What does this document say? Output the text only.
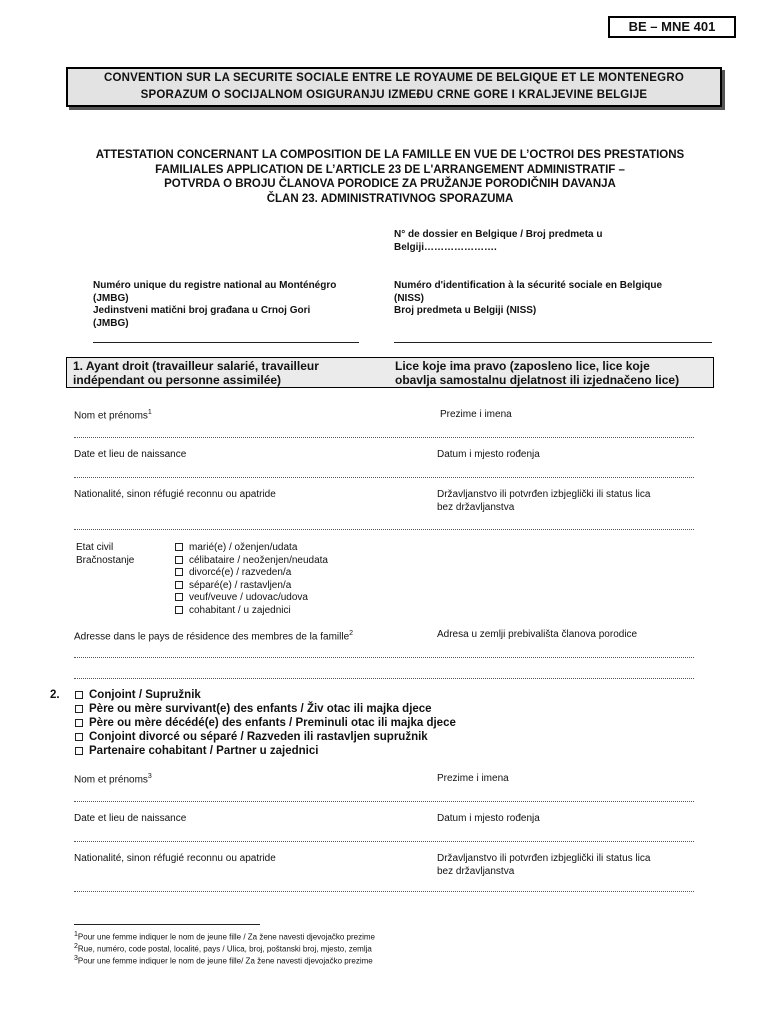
BE – MNE 401
CONVENTION SUR LA SECURITE SOCIALE ENTRE LE ROYAUME DE BELGIQUE ET LE MONTENEGRO
SPORAZUM O SOCIJALNOM OSIGURANJU IZMEĐU CRNE GORE I KRALJEVINE BELGIJE
ATTESTATION CONCERNANT LA COMPOSITION DE LA FAMILLE EN VUE DE L’OCTROI DES PRESTATIONS
FAMILIALES APPLICATION DE L’ARTICLE 23 DE L'ARRANGEMENT ADMINISTRATIF –
POTVRDA O BROJU ČLANOVA PORODICE ZA PRUŽANJE PORODIČNIH DAVANJA
ČLAN 23. ADMINISTRATIVNOG SPORAZUMA
N° de dossier en Belgique / Broj predmeta u
Belgiji………………….
Numéro unique du registre national au Monténégro
(JMBG)
Jedinstveni matični broj građana u Crnoj Gori
(JMBG)
Numéro d'identification à la sécurité sociale en Belgique
(NISS)
Broj predmeta u Belgiji (NISS)
1. Ayant droit (travailleur salarié, travailleur
indépendant ou personne assimilée)
Lice koje ima pravo (zaposleno lice, lice koje
obavlja samostalnu djelatnost ili izjednačeno lice)
Nom et prénoms$^1$	Prezime i imena
Date et lieu de naissance	Datum i mjesto rođenja
Nationalité, sinon réfugié reconnu ou apatride	Državljanstvo ili potvrđen izbjeglički ili status lica
bez državljanstva
Etat civil
Bračnostanje
marié(e) / oženjen/udata
célibataire / neoženjen/neudata
divorcé(e) / razveden/a
séparé(e) / rastavljen/a
veuf/veuve / udovac/udova
cohabitant / u zajednici
Adresse dans le pays de résidence des membres de la famille$^2$	Adresa u zemlji prebivališta članova porodice
2.	Conjoint / Supružnik
Père ou mère survivant(e) des enfants / Živ otac ili majka djece
Père ou mère décédé(e) des enfants / Preminuli otac ili majka djece
Conjoint divorcé ou séparé / Razveden ili rastavljen supružnik
Partenaire cohabitant / Partner u zajednici
Nom et prénoms$^3$	Prezime i imena
Date et lieu de naissance	Datum i mjesto rođenja
Nationalité, sinon réfugié reconnu ou apatride	Državljanstvo ili potvrđen izbjeglički ili status lica
bez državljanstva
$^1$Pour une femme indiquer le nom de jeune fille / Za žene navesti djevojačko prezime
$^2$Rue, numéro, code postal, localité, pays / Ulica, broj, poštanski broj, mjesto, zemlja
$^3$Pour une femme indiquer le nom de jeune fille/ Za žene navesti djevojačko prezime
